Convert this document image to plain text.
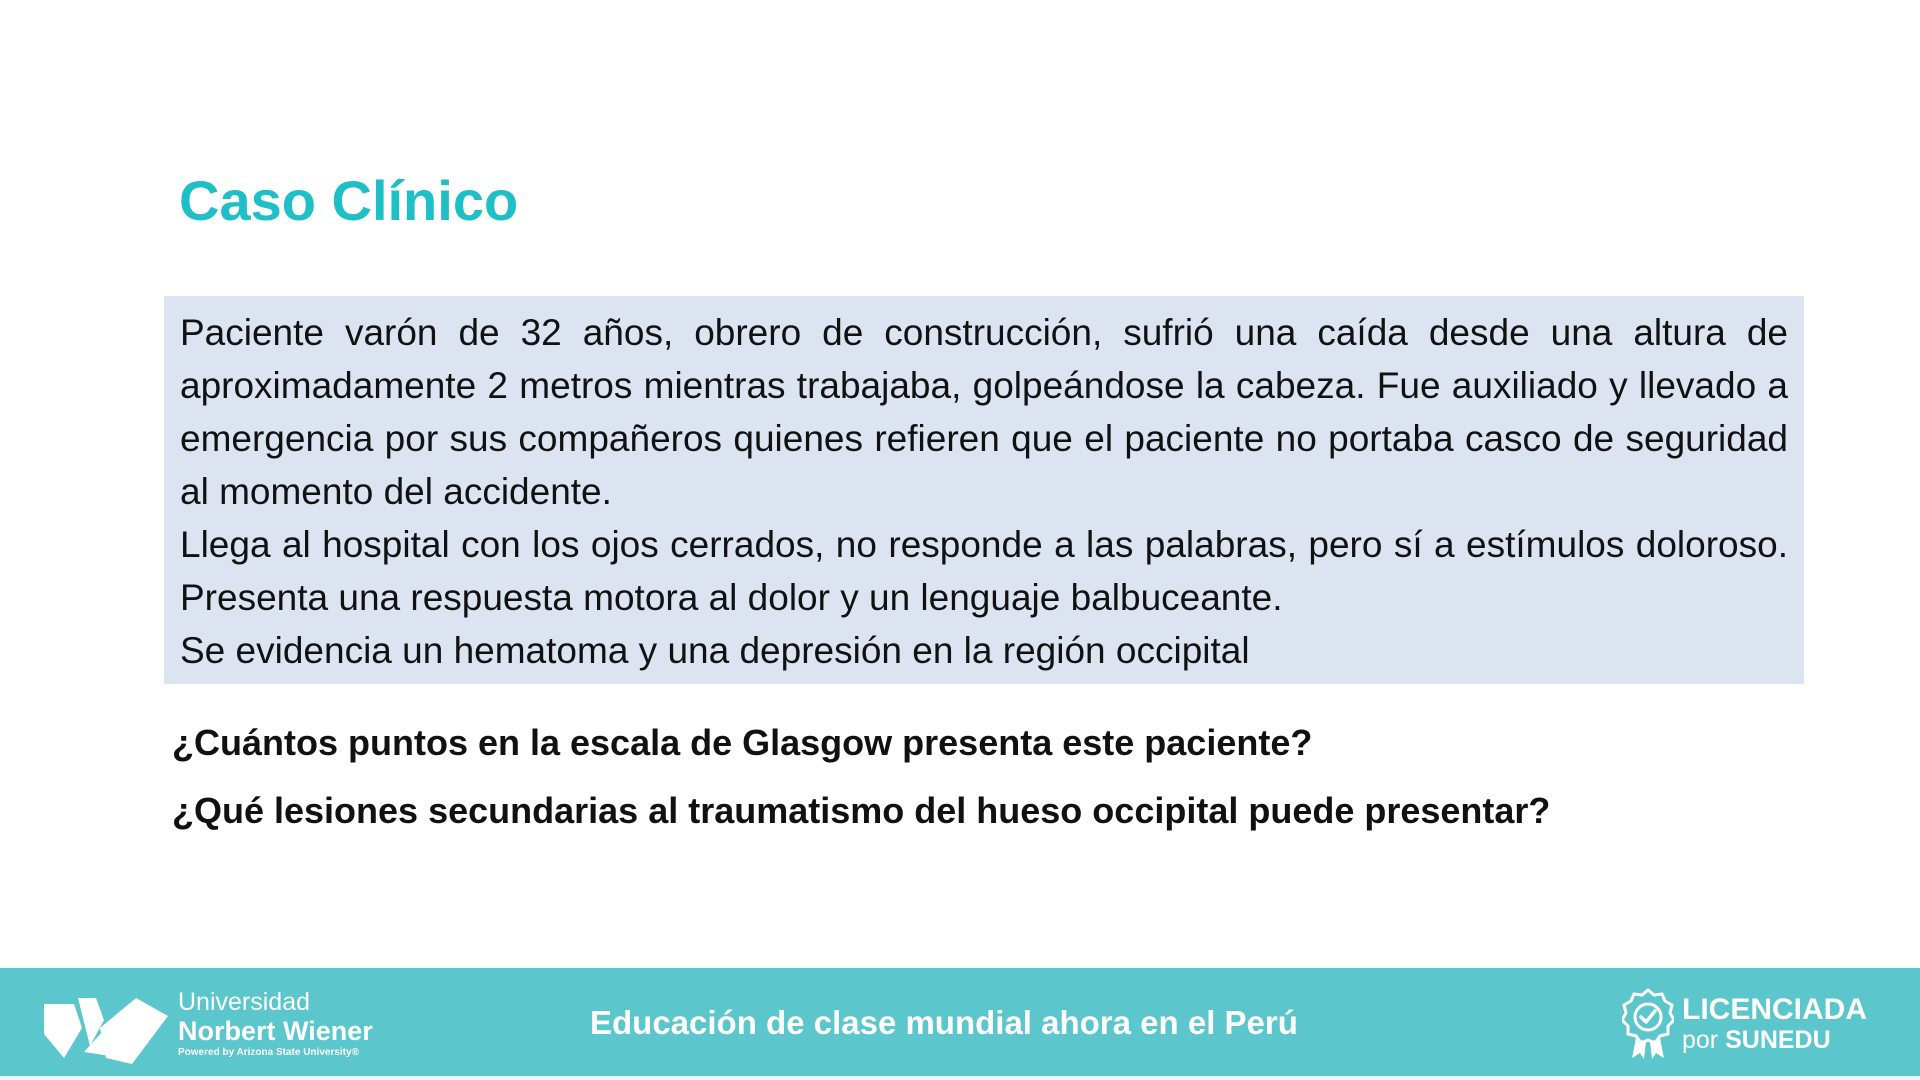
Caso Clínico

Paciente varón de 32 años, obrero de construcción, sufrió una caída desde una altura de aproximadamente 2 metros mientras trabajaba, golpeándose la cabeza. Fue auxiliado y llevado a emergencia por sus compañeros quienes refieren que el paciente no portaba casco de seguridad al momento del accidente.

Llega al hospital con los ojos cerrados, no responde a las palabras, pero sí a estímulos doloroso. Presenta una respuesta motora al dolor y un lenguaje balbuceante.

Se evidencia un hematoma y una depresión en la región occipital

¿Cuántos puntos en la escala de Glasgow presenta este paciente?

¿Qué lesiones secundarias al traumatismo del hueso occipital puede presentar?

Universidad
Norbert Wiener
Powered by Arizona State University®
Educación de clase mundial ahora en el Perú	LICENCIADA
por SUNEDU
